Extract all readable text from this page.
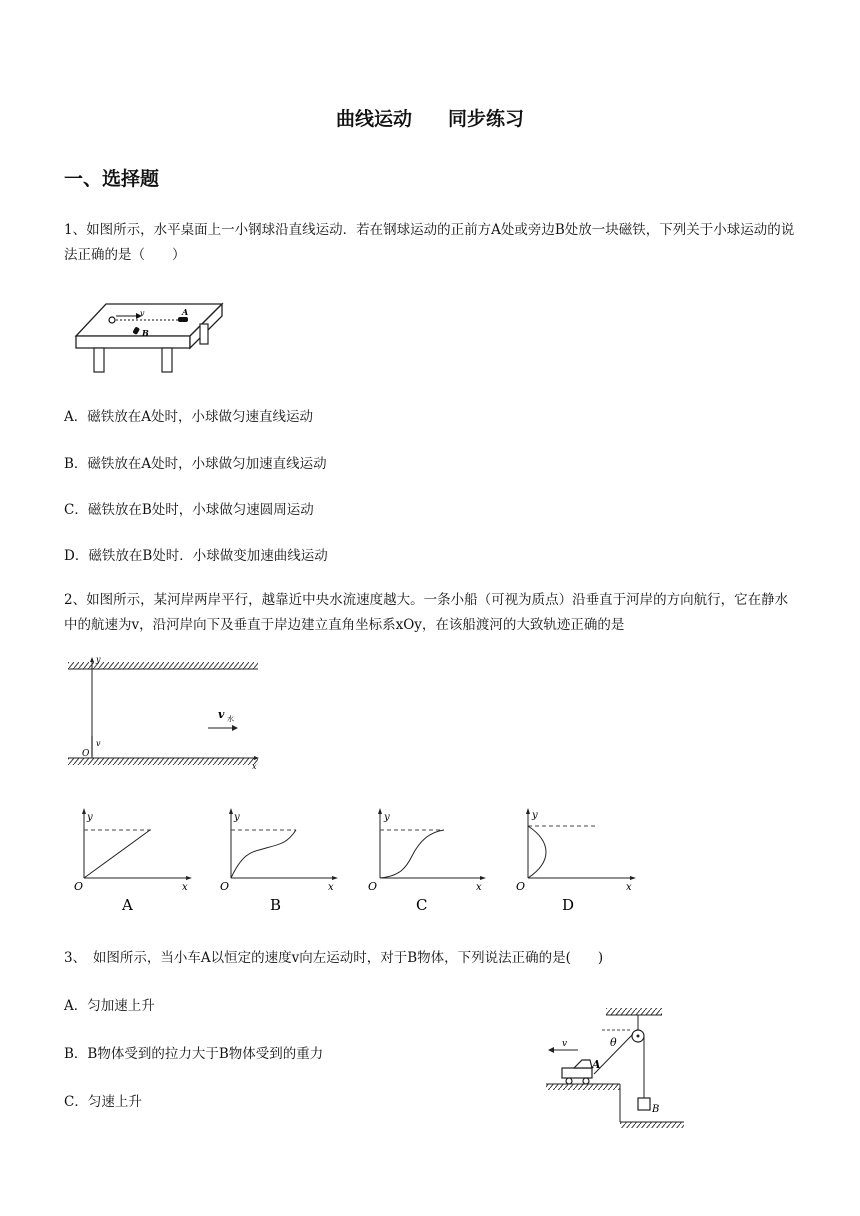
曲线运动 同步练习
一、选择题
1、如图所示，水平桌面上一小钢球沿直线运动．若在钢球运动的正前方A处或旁边B处放一块磁铁，下列关于小球运动的说法正确的是（　　）
v	A
B
A．磁铁放在A处时，小球做匀速直线运动
B．磁铁放在A处时，小球做匀加速直线运动
C．磁铁放在B处时，小球做匀速圆周运动
D．磁铁放在B处时．小球做变加速曲线运动
2、如图所示，某河岸两岸平行，越靠近中央水流速度越大。一条小船（可视为质点）沿垂直于河岸的方向航行，它在静水中的航速为v，沿河岸向下及垂直于岸边建立直角坐标系xOy，在该船渡河的大致轨迹正确的是
y
v
O
x
v 水
y
x
O
A
y
x
O
B
y
x
O
C
y
x
O
D
3、　如图所示，当小车A以恒定的速度v向左运动时，对于B物体，下列说法正确的是(　　)
A．匀加速上升
B．B物体受到的拉力大于B物体受到的重力
C．匀速上升
v	θ
A
B
